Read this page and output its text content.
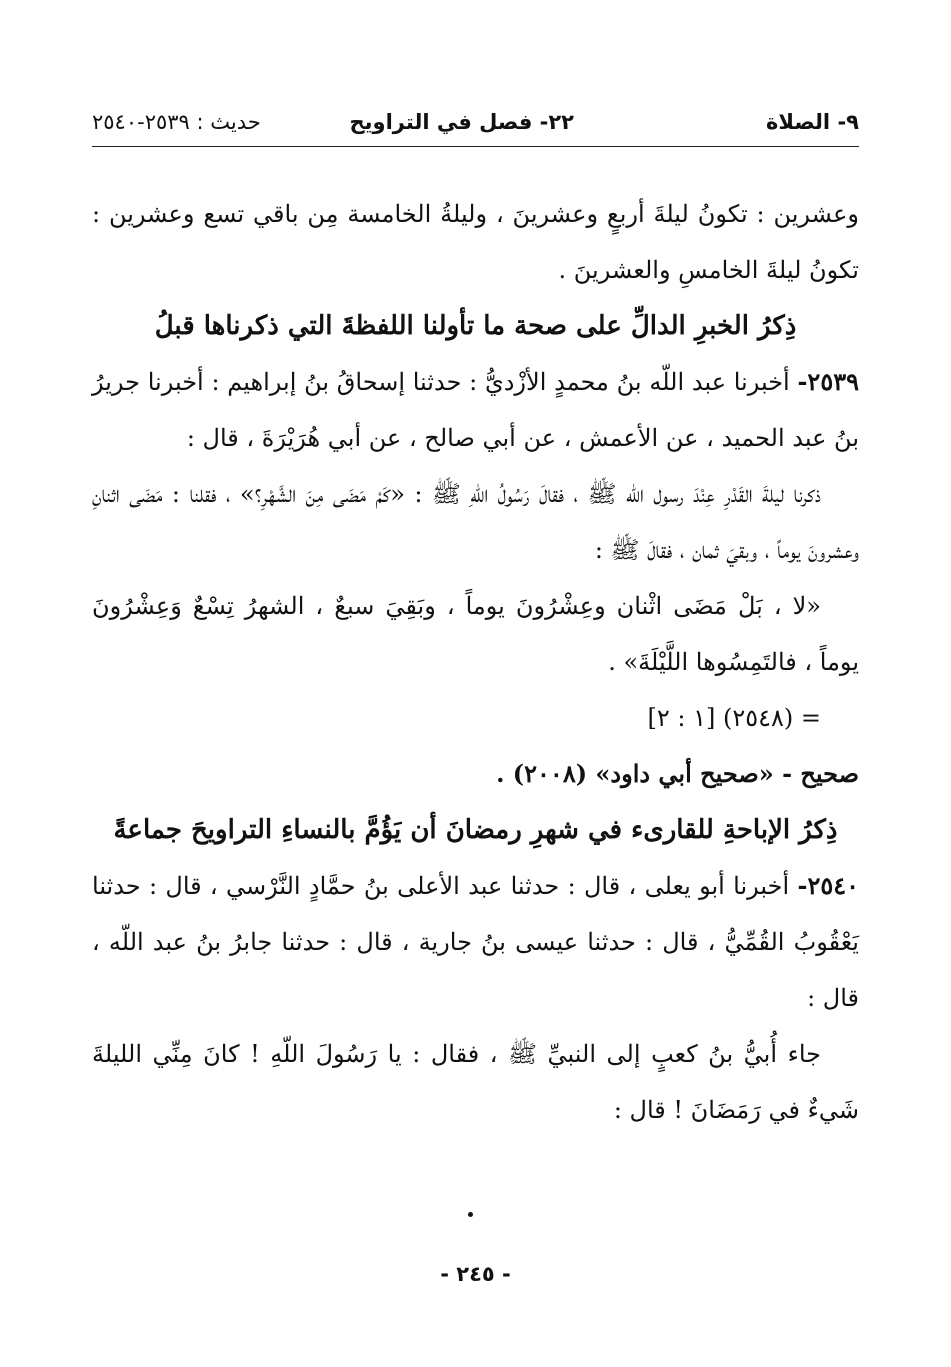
٩- الصلاة
٢٢- فصل في التراويح
حديث : ٢٥٣٩-٢٥٤٠

وعشرين : تكونُ ليلةَ أربعٍ وعشرينَ ، وليلةُ الخامسة مِن باقي تسع وعشرين : تكونُ ليلةَ الخامسِ والعشرينَ .

ذِكرُ الخبرِ الدالِّ على صحة ما تأولنا اللفظةَ التي ذكرناها قبلُ

٢٥٣٩- أخبرنا عبد اللّه بنُ محمدٍ الأزْديُّ : حدثنا إسحاقُ بنُ إبراهيم : أخبرنا جريرُ بنُ عبد الحميد ، عن الأعمش ، عن أبي صالح ، عن أبي هُرَيْرَةَ ، قال :

ذكرنا ليلةَ القَدْرِ عِنْدَ رسول اللّه ﷺ ، فقالَ رَسُولُ اللّهِ ﷺ : «كَمْ مَضَى مِنَ الشَّهْرِ؟» ، فقلنا : مَضَى اثنانِ وعشرونَ يوماً ، وبقيَ ثمان ، فقالَ ﷺ :

«لا ، بَلْ مَضَى اثْنان وعِشْرُونَ يوماً ، وبَقِيَ سبعٌ ، الشهرُ تِسْعٌ وَعِشْرُونَ يوماً ، فالتَمِسُوها اللَّيْلَةَ» .

= (٢٥٤٨) [١ : ٢]

صحيح - «صحيح أبي داود» (٢٠٠٨) .

ذِكرُ الإباحةِ للقارىء في شهرِ رمضانَ أن يَؤُمَّ بالنساءِ التراويحَ جماعةً

٢٥٤٠- أخبرنا أبو يعلى ، قال : حدثنا عبد الأعلى بنُ حمَّادٍ النَّرْسي ، قال : حدثنا يَعْقُوبُ القُمِّيُّ ، قال : حدثنا عيسى بنُ جارية ، قال : حدثنا جابرُ بنُ عبد اللّه ، قال :

جاء أُبيُّ بنُ كعبٍ إلى النبيِّ ﷺ ، فقال : يا رَسُولَ اللّهِ ! كانَ مِنِّي الليلةَ شَيءٌ في رَمَضَانَ ! قال :

- ٢٤٥ -
